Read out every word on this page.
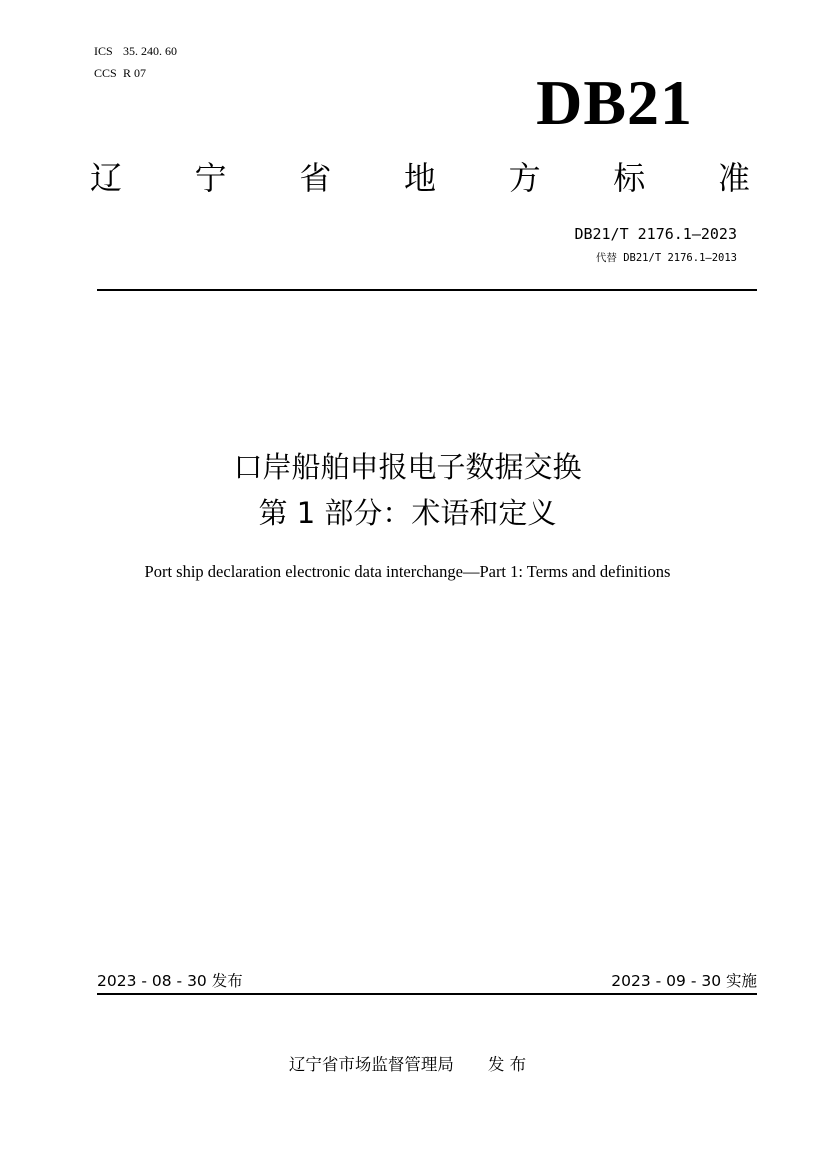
ICS 35. 240. 60
CCS R 07	DB21
辽 宁 省 地 方 标 准
DB21/T 2176.1—2023
代替 DB21/T 2176.1—2013
口岸船舶申报电子数据交换
第 1 部分：术语和定义
Port ship declaration electronic data interchange—Part 1: Terms and definitions
2023 - 08 - 30 发布	2023 - 09 - 30 实施
辽宁省市场监督管理局 发 布
